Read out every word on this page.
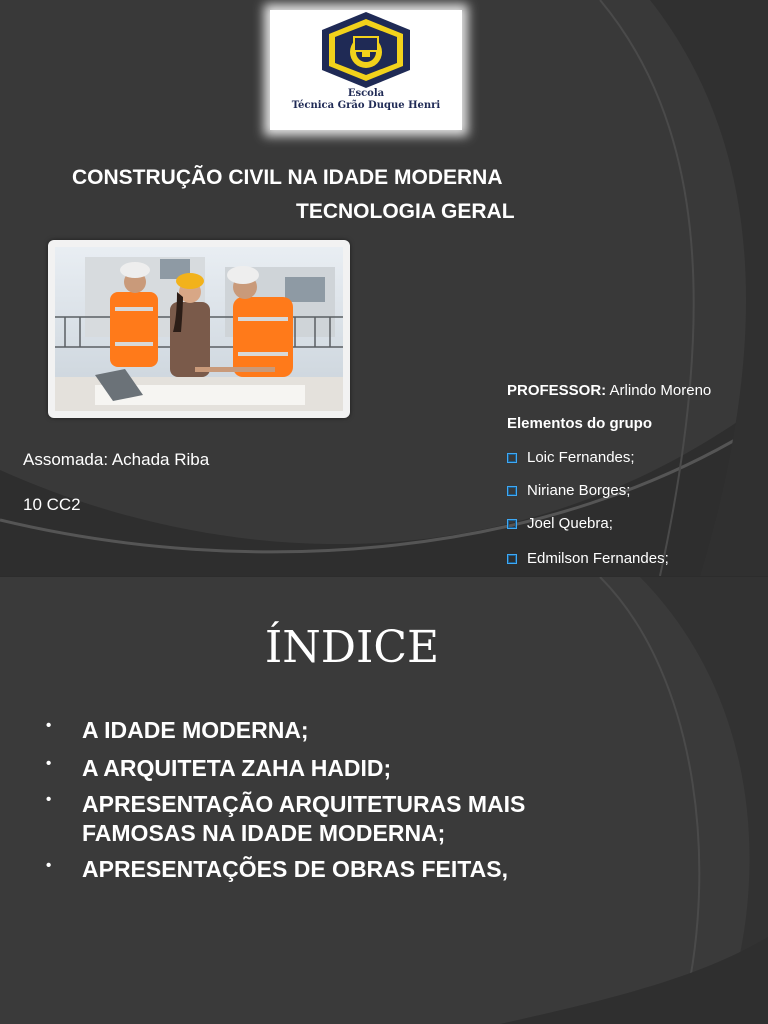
Escola
Técnica Grão Duque Henri
CONSTRUÇÃO CIVIL NA IDADE MODERNA
TECNOLOGIA GERAL
Assomada: Achada Riba
10 CC2
PROFESSOR: Arlindo Moreno
Elementos do grupo
Loic Fernandes;
Niriane Borges;
Joel Quebra;
Edmilson Fernandes;
ÍNDICE
• A IDADE MODERNA;
• A ARQUITETA ZAHA HADID;
• APRESENTAÇÃO ARQUITETURAS MAIS
FAMOSAS NA IDADE MODERNA;
• APRESENTAÇÕES DE OBRAS FEITAS,
